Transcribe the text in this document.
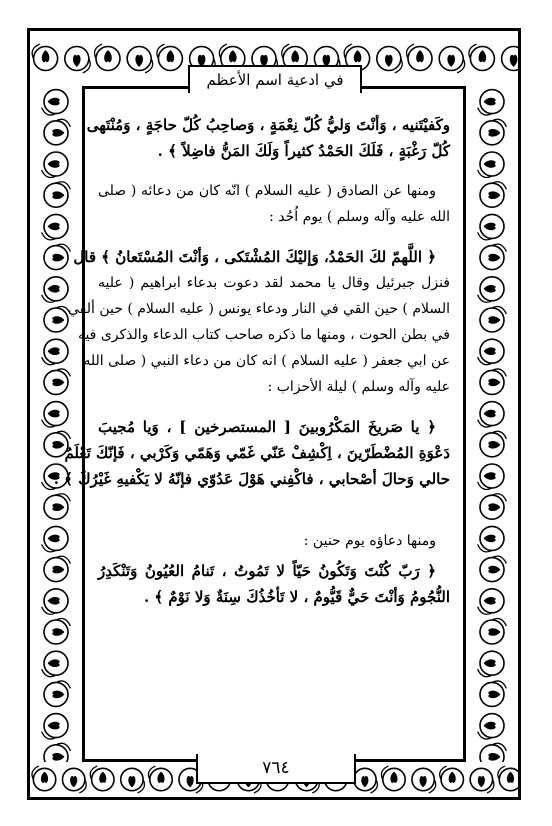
في ادعية اسم الأعظم
وكَفيْتَنيه ، وَأنْتَ وَليُّ كُلّ نِعْمَةٍ ، وَصاحِبُ كُلّ حاجَةٍ ، وَمُنْتَهى
كُلّ رَغْبَةٍ ، فَلَكَ الحَمْدُ كثيراً وَلَكَ المَنُّ فاضِلاً ﴾ .
ومنها عن الصادق ( عليه السلام ) انّه كان من دعائه ( صلى
الله عليه وآله وسلم ) يوم اُحُد :
﴿ اللَّهمّ لكَ الحَمْدُ، وَإليْكَ المُشْتَكى ، وَأنْتَ المُسْتَعانُ ﴾ قال
فنزل جبرئيل وقال يا محمد لقد دعوت بدعاء ابراهيم ( عليه
السلام ) حين القي في النار ودعاء يونس ( عليه السلام ) حين ألقي
في بطن الحوت ، ومنها ما ذكره صاحب كتاب الدعاء والذكرى فيه
عن ابي جعفر ( عليه السلام ) انه كان من دعاء النبي ( صلى الله
عليه وآله وسلم ) ليلة الأحزاب :
﴿ يا صَريخَ المَكْرُوبينَ [ المستصرخين ] ، وَيا مُجيبَ
دَعْوَةِ المُضْطَرّينَ ، اِكْشِفْ عَنّي غَمّي وَهَمّي وَكَرْبي ، فَإنّكَ تَعْلَمُ
حالي وَحالَ أصْحابي ، فاكْفِني هَوْلَ عَدُوّي فإنّهُ لا يَكْفيهِ غَيْرُكَ ﴾ .
ومنها دعاؤه يوم حنين :
﴿ رَبّ كُنْتَ وَتَكُونُ حَيّاً لا تَمُوتُ ، تَنامُ العُيُونُ وَتَنْكَدِرُ
النُّجُومُ وَأنْتَ حَيٌّ قَيُّومٌ ، لا تَأخُذُكَ سِنَةٌ وَلا نَوْمٌ ﴾ .
٧٦٤
